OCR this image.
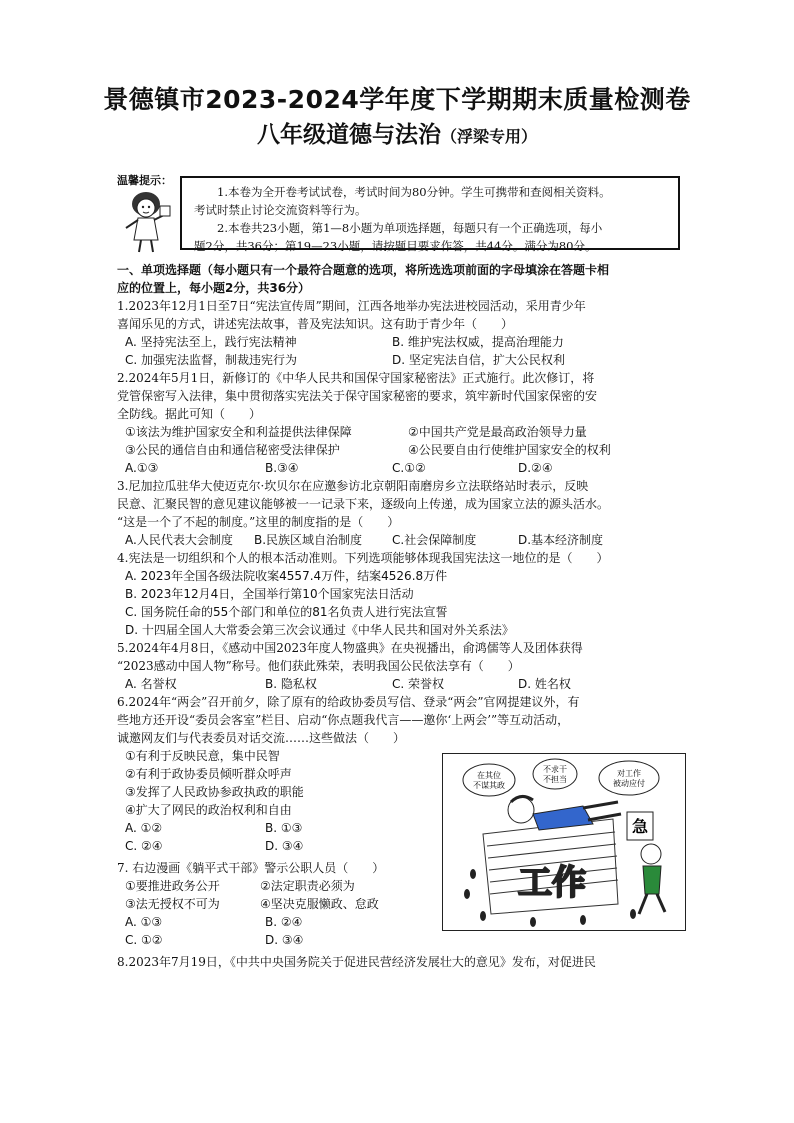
景德镇市2023-2024学年度下学期期末质量检测卷
八年级道德与法治（浮梁专用）
温馨提示：

1.本卷为全开卷考试试卷，考试时间为80分钟。学生可携带和查阅相关资料。

考试时禁止讨论交流资料等行为。

2.本卷共23小题，第1—8小题为单项选择题，每题只有一个正确选项，每小

题2分，共36分；第19—23小题，请按题目要求作答，共44分。满分为80分。

一、单项选择题（每小题只有一个最符合题意的选项，将所选选项前面的字母填涂在答题卡相
应的位置上，每小题2分，共36分）
1.2023年12月1日至7日“宪法宣传周”期间，江西各地举办宪法进校园活动，采用青少年
喜闻乐见的方式，讲述宪法故事，普及宪法知识。这有助于青少年（　　）
A. 坚持宪法至上，践行宪法精神	B. 维护宪法权威，提高治理能力
C. 加强宪法监督，制裁违宪行为	D. 坚定宪法自信，扩大公民权利
2.2024年5月1日，新修订的《中华人民共和国保守国家秘密法》正式施行。此次修订，将
党管保密写入法律，集中贯彻落实宪法关于保守国家秘密的要求，筑牢新时代国家保密的安
全防线。据此可知（　　）
①该法为维护国家安全和利益提供法律保障	②中国共产党是最高政治领导力量
③公民的通信自由和通信秘密受法律保护	④公民要自由行使维护国家安全的权利
A.①③	B.③④	C.①②	D.②④
3.尼加拉瓜驻华大使迈克尔·坎贝尔在应邀参访北京朝阳南磨房乡立法联络站时表示，反映
民意、汇聚民智的意见建议能够被一一记录下来，逐级向上传递，成为国家立法的源头活水。
“这是一个了不起的制度。”这里的制度指的是（　　）
A.人民代表大会制度 B.民族区域自治制度 C.社会保障制度	D.基本经济制度
4.宪法是一切组织和个人的根本活动准则。下列选项能够体现我国宪法这一地位的是（　　）
A. 2023年全国各级法院收案4557.4万件，结案4526.8万件
B. 2023年12月4日，全国举行第10个国家宪法日活动
C. 国务院任命的55个部门和单位的81名负责人进行宪法宣誓
D. 十四届全国人大常委会第三次会议通过《中华人民共和国对外关系法》
5.2024年4月8日，《感动中国2023年度人物盛典》在央视播出，俞鸿儒等人及团体获得
“2023感动中国人物”称号。他们获此殊荣，表明我国公民依法享有（　　）
A. 名誉权	B. 隐私权	C. 荣誉权	D. 姓名权
6.2024年“两会”召开前夕，除了原有的给政协委员写信、登录“两会”官网提建议外，有
些地方还开设“委员会客室”栏目、启动“你点题我代言——邀你‘上两会’”等互动活动，
诚邀网友们与代表委员对话交流……这些做法（　　）
①有利于反映民意，集中民智
②有利于政协委员倾听群众呼声
③发挥了人民政协参政执政的职能
④扩大了网民的政治权利和自由
A. ①②	B. ①③
C. ②④	D. ③④
7. 右边漫画《躺平式干部》警示公职人员（　　）
①要推进政务公开	②法定职责必须为
③法无授权不可为	④坚决克服懒政、怠政
A. ①③	B. ②④
C. ①②	D. ③④
8.2023年7月19日，《中共中央国务院关于促进民营经济发展壮大的意见》发布，对促进民
工作
在其位
不谋其政
不求干
不担当
对工作
被动应付
急
